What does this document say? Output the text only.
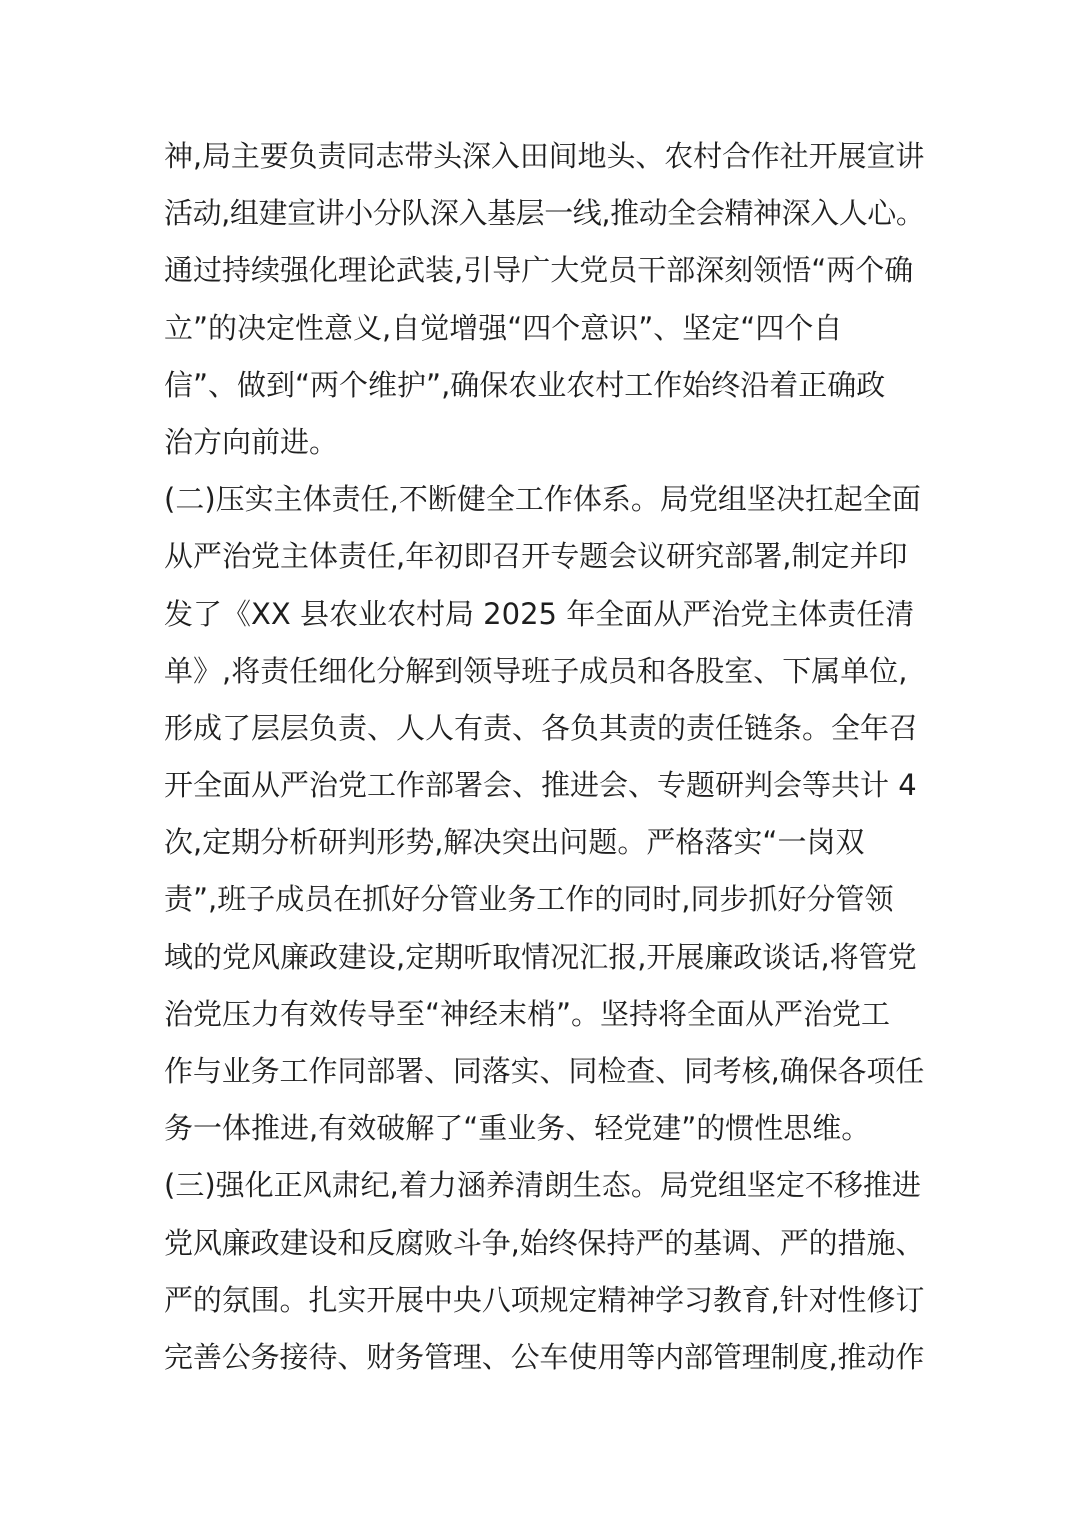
神,局主要负责同志带头深入田间地头、农村合作社开展宣讲
活动,组建宣讲小分队深入基层一线,推动全会精神深入人心。
通过持续强化理论武装,引导广大党员干部深刻领悟“两个确
立”的决定性意义,自觉增强“四个意识”、坚定“四个自
信”、做到“两个维护”,确保农业农村工作始终沿着正确政
治方向前进。
(二)压实主体责任,不断健全工作体系。局党组坚决扛起全面
从严治党主体责任,年初即召开专题会议研究部署,制定并印
发了《XX 县农业农村局 2025 年全面从严治党主体责任清
单》,将责任细化分解到领导班子成员和各股室、下属单位,
形成了层层负责、人人有责、各负其责的责任链条。全年召
开全面从严治党工作部署会、推进会、专题研判会等共计 4
次,定期分析研判形势,解决突出问题。严格落实“一岗双
责”,班子成员在抓好分管业务工作的同时,同步抓好分管领
域的党风廉政建设,定期听取情况汇报,开展廉政谈话,将管党
治党压力有效传导至“神经末梢”。坚持将全面从严治党工
作与业务工作同部署、同落实、同检查、同考核,确保各项任
务一体推进,有效破解了“重业务、轻党建”的惯性思维。
(三)强化正风肃纪,着力涵养清朗生态。局党组坚定不移推进
党风廉政建设和反腐败斗争,始终保持严的基调、严的措施、
严的氛围。扎实开展中央八项规定精神学习教育,针对性修订
完善公务接待、财务管理、公车使用等内部管理制度,推动作
